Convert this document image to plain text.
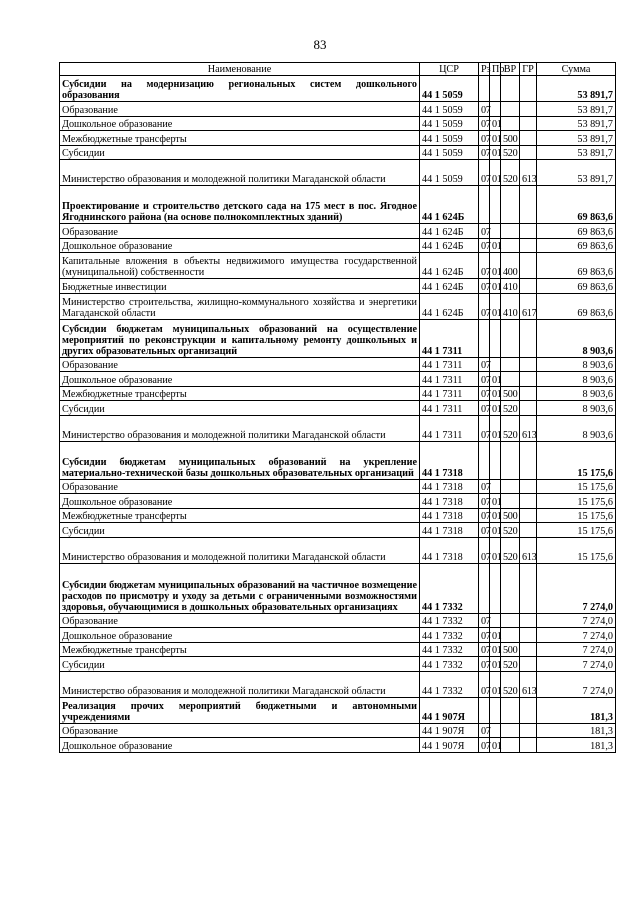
83
Наименование	ЦСР	Рз	Пр	ВР	ГР	Сумма
Субсидии на модернизацию региональных систем дошкольного образования	44 1 5059					53 891,7
Образование	44 1 5059	07				53 891,7
Дошкольное образование	44 1 5059	07	01			53 891,7
Межбюджетные трансферты	44 1 5059	07	01	500		53 891,7
Субсидии	44 1 5059	07	01	520		53 891,7
Министерство образования и молодежной политики Магаданской области	44 1 5059	07	01	520	613	53 891,7
Проектирование и строительство детского сада на 175 мест в пос. Ягодное Ягоднинского района (на основе полнокомплектных зданий)	44 1 624Б					69 863,6
Образование	44 1 624Б	07				69 863,6
Дошкольное образование	44 1 624Б	07	01			69 863,6
Капитальные вложения в объекты недвижимого имущества государственной (муниципальной) собственности	44 1 624Б	07	01	400		69 863,6
Бюджетные инвестиции	44 1 624Б	07	01	410		69 863,6
Министерство строительства, жилищно-коммунального хозяйства и энергетики Магаданской области	44 1 624Б	07	01	410	617	69 863,6
Субсидии бюджетам муниципальных образований на осуществление мероприятий по реконструкции и капитальному ремонту дошкольных и других образовательных организаций	44 1 7311					8 903,6
Образование	44 1 7311	07				8 903,6
Дошкольное образование	44 1 7311	07	01			8 903,6
Межбюджетные трансферты	44 1 7311	07	01	500		8 903,6
Субсидии	44 1 7311	07	01	520		8 903,6
Министерство образования и молодежной политики Магаданской области	44 1 7311	07	01	520	613	8 903,6
Субсидии бюджетам муниципальных образований на укрепление материально-технической базы дошкольных образовательных организаций	44 1 7318					15 175,6
Образование	44 1 7318	07				15 175,6
Дошкольное образование	44 1 7318	07	01			15 175,6
Межбюджетные трансферты	44 1 7318	07	01	500		15 175,6
Субсидии	44 1 7318	07	01	520		15 175,6
Министерство образования и молодежной политики Магаданской области	44 1 7318	07	01	520	613	15 175,6
Субсидии бюджетам муниципальных образований на частичное возмещение расходов по присмотру и уходу за детьми с ограниченными возможностями здоровья, обучающимися в дошкольных образовательных организациях	44 1 7332					7 274,0
Образование	44 1 7332	07				7 274,0
Дошкольное образование	44 1 7332	07	01			7 274,0
Межбюджетные трансферты	44 1 7332	07	01	500		7 274,0
Субсидии	44 1 7332	07	01	520		7 274,0
Министерство образования и молодежной политики Магаданской области	44 1 7332	07	01	520	613	7 274,0
Реализация прочих мероприятий бюджетными и автономными учреждениями	44 1 907Я					181,3
Образование	44 1 907Я	07				181,3
Дошкольное образование	44 1 907Я	07	01			181,3
